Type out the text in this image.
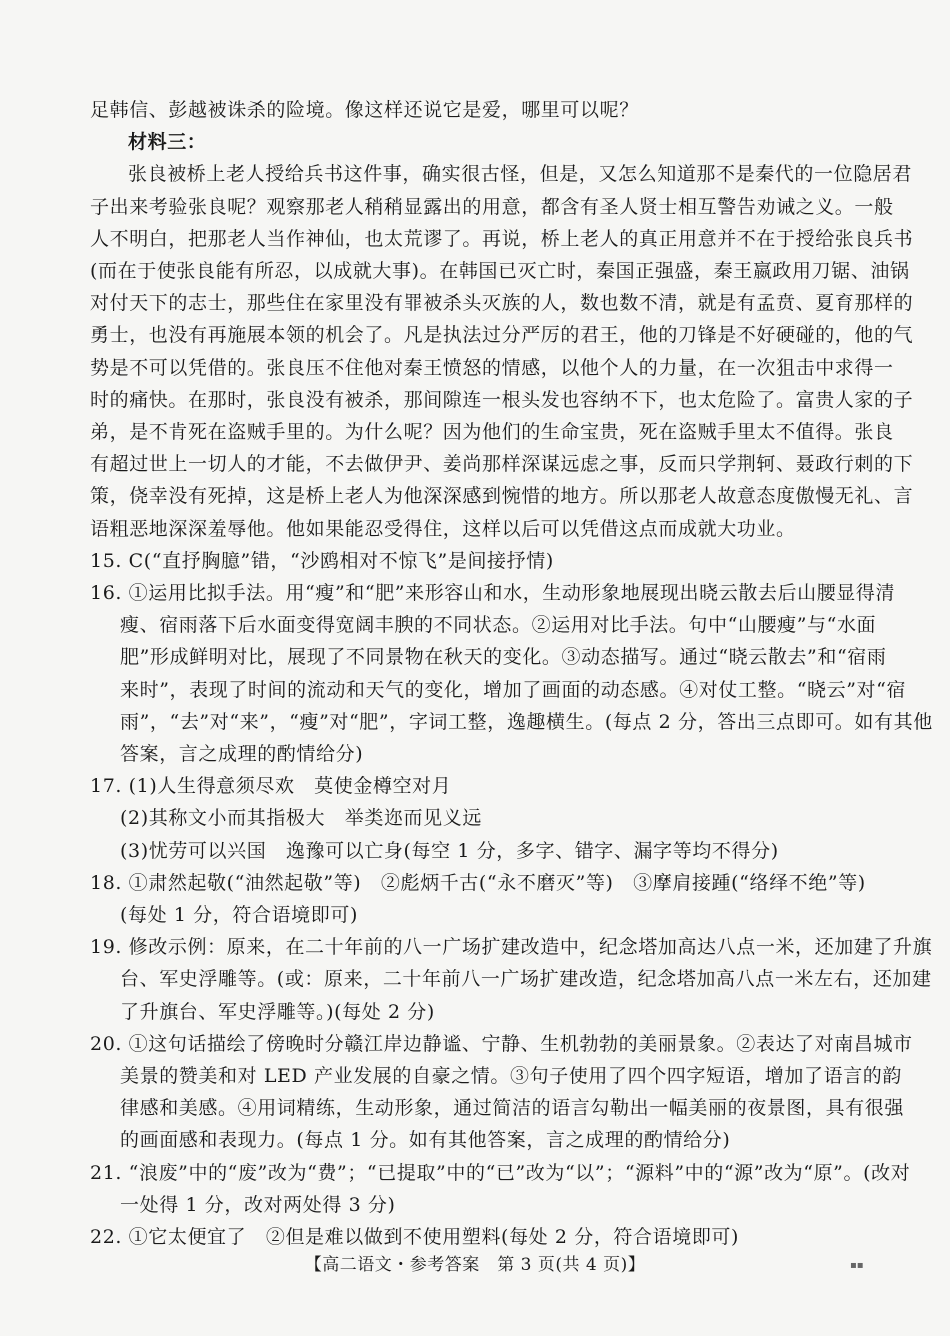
足韩信、彭越被诛杀的险境。像这样还说它是爱，哪里可以呢？
材料三：
张良被桥上老人授给兵书这件事，确实很古怪，但是，又怎么知道那不是秦代的一位隐居君
子出来考验张良呢？观察那老人稍稍显露出的用意，都含有圣人贤士相互警告劝诫之义。一般
人不明白，把那老人当作神仙，也太荒谬了。再说，桥上老人的真正用意并不在于授给张良兵书
(而在于使张良能有所忍，以成就大事)。在韩国已灭亡时，秦国正强盛，秦王嬴政用刀锯、油锅
对付天下的志士，那些住在家里没有罪被杀头灭族的人，数也数不清，就是有孟贲、夏育那样的
勇士，也没有再施展本领的机会了。凡是执法过分严厉的君王，他的刀锋是不好硬碰的，他的气
势是不可以凭借的。张良压不住他对秦王愤怒的情感，以他个人的力量，在一次狙击中求得一
时的痛快。在那时，张良没有被杀，那间隙连一根头发也容纳不下，也太危险了。富贵人家的子
弟，是不肯死在盗贼手里的。为什么呢？因为他们的生命宝贵，死在盗贼手里太不值得。张良
有超过世上一切人的才能，不去做伊尹、姜尚那样深谋远虑之事，反而只学荆轲、聂政行刺的下
策，侥幸没有死掉，这是桥上老人为他深深感到惋惜的地方。所以那老人故意态度傲慢无礼、言
语粗恶地深深羞辱他。他如果能忍受得住，这样以后可以凭借这点而成就大功业。
15. C(“直抒胸臆”错，“沙鸥相对不惊飞”是间接抒情)
16. ①运用比拟手法。用“瘦”和“肥”来形容山和水，生动形象地展现出晓云散去后山腰显得清
瘦、宿雨落下后水面变得宽阔丰腴的不同状态。②运用对比手法。句中“山腰瘦”与“水面
肥”形成鲜明对比，展现了不同景物在秋天的变化。③动态描写。通过“晓云散去”和“宿雨
来时”，表现了时间的流动和天气的变化，增加了画面的动态感。④对仗工整。“晓云”对“宿
雨”，“去”对“来”，“瘦”对“肥”，字词工整，逸趣横生。(每点 2 分，答出三点即可。如有其他
答案，言之成理的酌情给分)
17. (1)人生得意须尽欢　莫使金樽空对月
(2)其称文小而其指极大　举类迩而见义远
(3)忧劳可以兴国　逸豫可以亡身(每空 1 分，多字、错字、漏字等均不得分)
18. ①肃然起敬(“油然起敬”等)　②彪炳千古(“永不磨灭”等)　③摩肩接踵(“络绎不绝”等)
(每处 1 分，符合语境即可)
19. 修改示例：原来，在二十年前的八一广场扩建改造中，纪念塔加高达八点一米，还加建了升旗
台、军史浮雕等。(或：原来，二十年前八一广场扩建改造，纪念塔加高八点一米左右，还加建
了升旗台、军史浮雕等。)(每处 2 分)
20. ①这句话描绘了傍晚时分赣江岸边静谧、宁静、生机勃勃的美丽景象。②表达了对南昌城市
美景的赞美和对 LED 产业发展的自豪之情。③句子使用了四个四字短语，增加了语言的韵
律感和美感。④用词精练，生动形象，通过简洁的语言勾勒出一幅美丽的夜景图，具有很强
的画面感和表现力。(每点 1 分。如有其他答案，言之成理的酌情给分)
【高二语文・参考答案　第 3 页(共 4 页)】	▪▪
21. “浪废”中的“废”改为“费”；“已提取”中的“已”改为“以”；“源料”中的“源”改为“原”。(改对
一处得 1 分，改对两处得 3 分)
22. ①它太便宜了　②但是难以做到不使用塑料(每处 2 分，符合语境即可)
